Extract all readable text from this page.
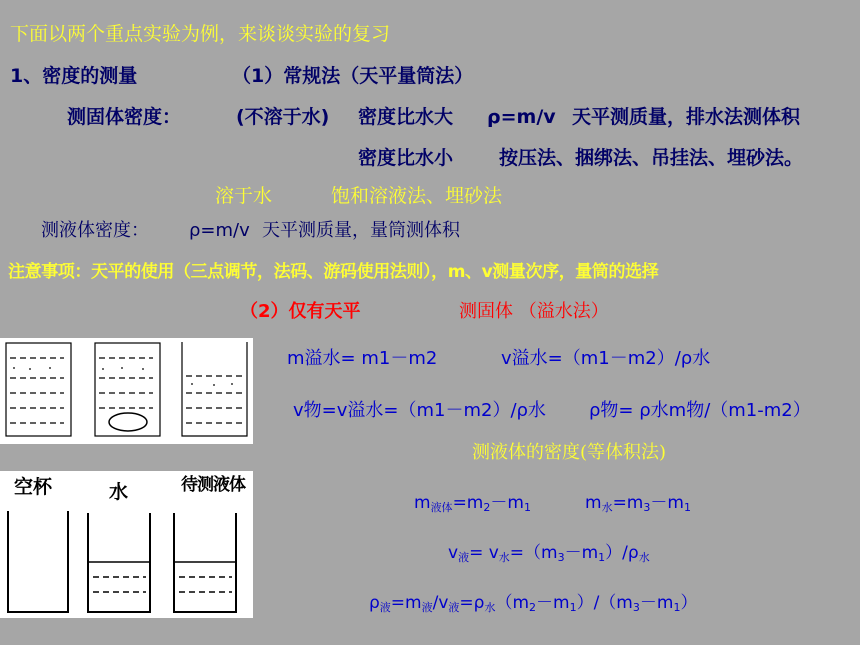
下面以两个重点实验为例，来谈谈实验的复习
1、密度的测量	（1）常规法（天平量筒法）
测固体密度：	(不溶于水) 密度比水大 ρ=m/v 天平测质量，排水法测体积
密度比水小 按压法、捆绑法、吊挂法、埋砂法。
溶于水	饱和溶液法、埋砂法
测液体密度： ρ=m/v 天平测质量，量筒测体积
注意事项：天平的使用（三点调节，法码、游码使用法则），m、v测量次序，量筒的选择
（2）仅有天平	测固体 （溢水法）
m溢水= m1－m2	v溢水=（m1－m2）/ρ水
v物=v溢水=（m1－m2）/ρ水 ρ物= ρ水m物/（m1-m2）
测液体的密度(等体积法)
空杯	水	待测液体
$m_{液体}=m_2-m_1$	$m_水=m_3-m_1$
$v_液= v_水=(m_3-m_1)/\rho_水$
$\rho_液=m_液/v_液=\rho_水(m_2-m_1)/(m_3-m_1)$
